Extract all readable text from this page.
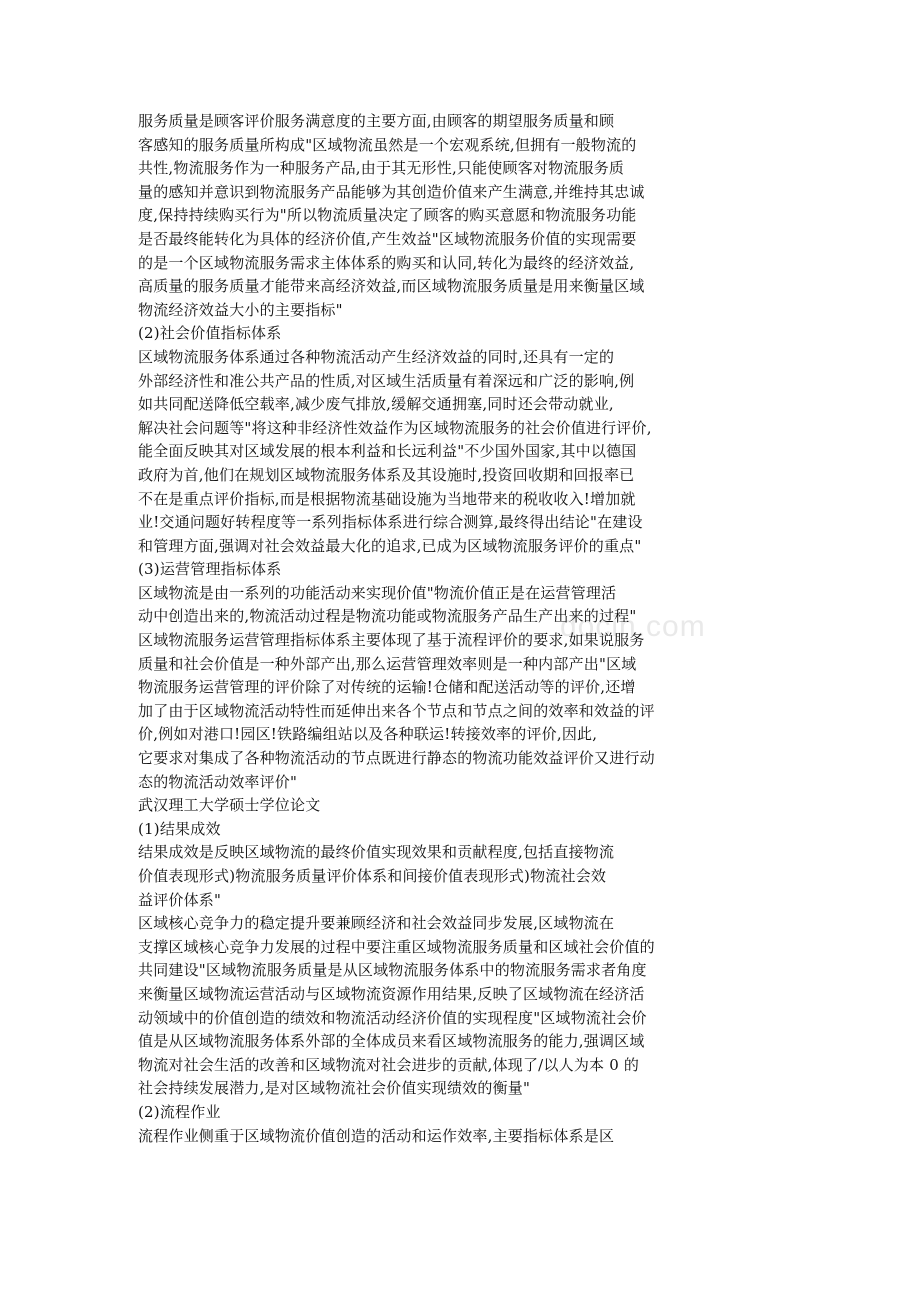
docin.com
服务质量是顾客评价服务满意度的主要方面,由顾客的期望服务质量和顾
客感知的服务质量所构成"区域物流虽然是一个宏观系统,但拥有一般物流的
共性,物流服务作为一种服务产品,由于其无形性,只能使顾客对物流服务质
量的感知并意识到物流服务产品能够为其创造价值来产生满意,并维持其忠诚
度,保持持续购买行为"所以物流质量决定了顾客的购买意愿和物流服务功能
是否最终能转化为具体的经济价值,产生效益"区域物流服务价值的实现需要
的是一个区域物流服务需求主体体系的购买和认同,转化为最终的经济效益,
高质量的服务质量才能带来高经济效益,而区域物流服务质量是用来衡量区域
物流经济效益大小的主要指标"
(2)社会价值指标体系
区域物流服务体系通过各种物流活动产生经济效益的同时,还具有一定的
外部经济性和准公共产品的性质,对区域生活质量有着深远和广泛的影响,例
如共同配送降低空载率,减少废气排放,缓解交通拥塞,同时还会带动就业,
解决社会问题等"将这种非经济性效益作为区域物流服务的社会价值进行评价,
能全面反映其对区域发展的根本利益和长远利益"不少国外国家,其中以德国
政府为首,他们在规划区域物流服务体系及其设施时,投资回收期和回报率已
不在是重点评价指标,而是根据物流基础设施为当地带来的税收收入!增加就
业!交通问题好转程度等一系列指标体系进行综合测算,最终得出结论"在建设
和管理方面,强调对社会效益最大化的追求,已成为区域物流服务评价的重点"
(3)运营管理指标体系
区域物流是由一系列的功能活动来实现价值"物流价值正是在运营管理活
动中创造出来的,物流活动过程是物流功能或物流服务产品生产出来的过程"
区域物流服务运营管理指标体系主要体现了基于流程评价的要求,如果说服务
质量和社会价值是一种外部产出,那么运营管理效率则是一种内部产出"区域
物流服务运营管理的评价除了对传统的运输!仓储和配送活动等的评价,还增
加了由于区域物流活动特性而延伸出来各个节点和节点之间的效率和效益的评
价,例如对港口!园区!铁路编组站以及各种联运!转接效率的评价,因此,
它要求对集成了各种物流活动的节点既进行静态的物流功能效益评价又进行动
态的物流活动效率评价"
武汉理工大学硕士学位论文
(1)结果成效
结果成效是反映区域物流的最终价值实现效果和贡献程度,包括直接物流
价值表现形式)物流服务质量评价体系和间接价值表现形式)物流社会效
益评价体系"
区域核心竞争力的稳定提升要兼顾经济和社会效益同步发展,区域物流在
支撑区域核心竞争力发展的过程中要注重区域物流服务质量和区域社会价值的
共同建设"区域物流服务质量是从区域物流服务体系中的物流服务需求者角度
来衡量区域物流运营活动与区域物流资源作用结果,反映了区域物流在经济活
动领域中的价值创造的绩效和物流活动经济价值的实现程度"区域物流社会价
值是从区域物流服务体系外部的全体成员来看区域物流服务的能力,强调区域
物流对社会生活的改善和区域物流对社会进步的贡献,体现了/以人为本 0 的
社会持续发展潜力,是对区域物流社会价值实现绩效的衡量"
(2)流程作业
流程作业侧重于区域物流价值创造的活动和运作效率,主要指标体系是区
